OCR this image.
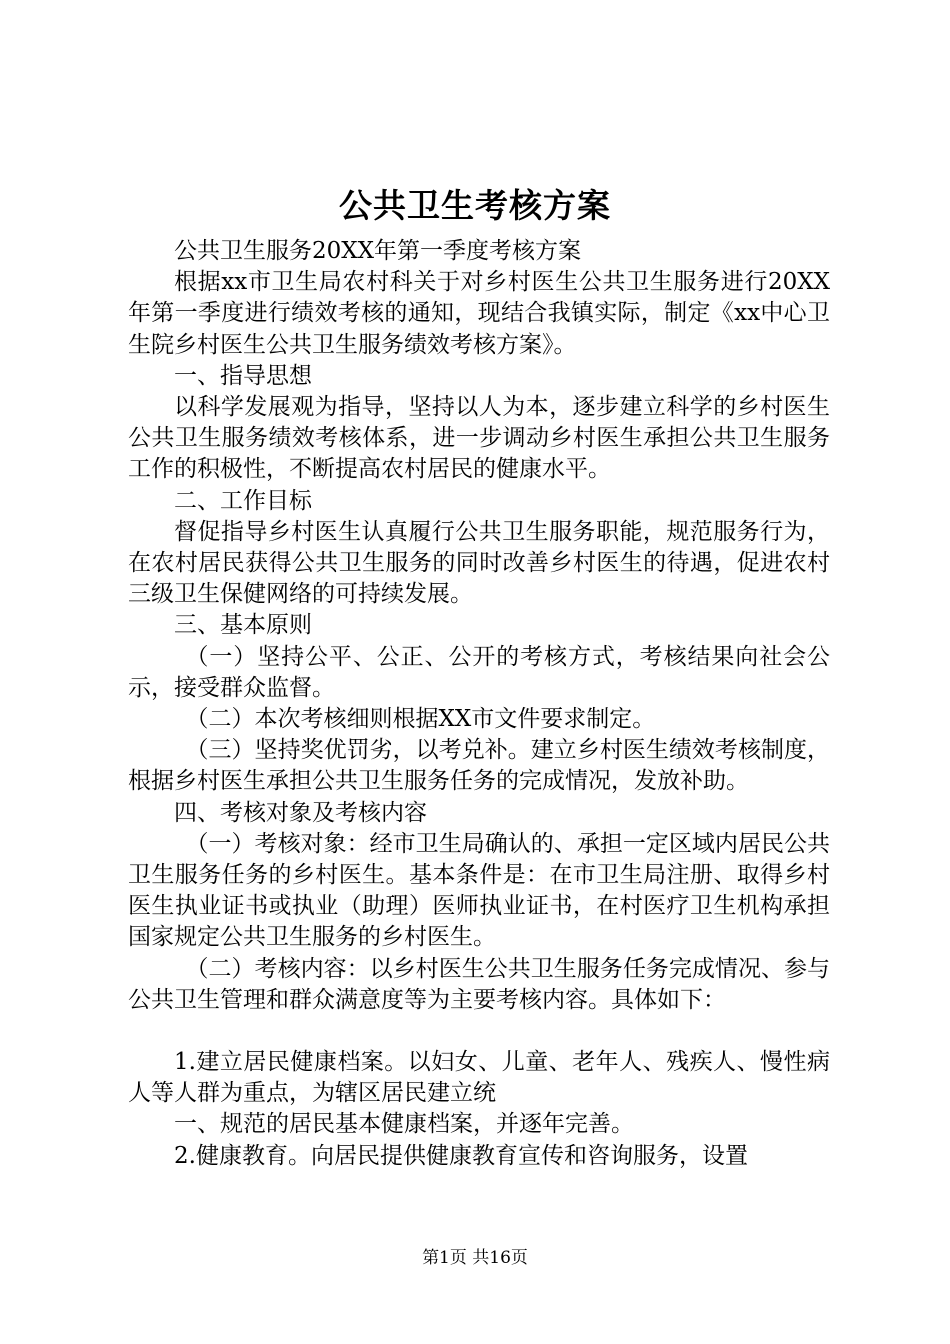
公共卫生考核方案

公共卫生服务20XX年第一季度考核方案

根据xx市卫生局农村科关于对乡村医生公共卫生服务进行20XX年第一季度进行绩效考核的通知，现结合我镇实际，制定《xx中心卫生院乡村医生公共卫生服务绩效考核方案》。

一、指导思想

以科学发展观为指导，坚持以人为本，逐步建立科学的乡村医生公共卫生服务绩效考核体系，进一步调动乡村医生承担公共卫生服务工作的积极性，不断提高农村居民的健康水平。

二、工作目标

督促指导乡村医生认真履行公共卫生服务职能，规范服务行为，在农村居民获得公共卫生服务的同时改善乡村医生的待遇，促进农村三级卫生保健网络的可持续发展。

三、基本原则

（一）坚持公平、公正、公开的考核方式，考核结果向社会公示，接受群众监督。

（二）本次考核细则根据XX市文件要求制定。

（三）坚持奖优罚劣，以考兑补。建立乡村医生绩效考核制度，根据乡村医生承担公共卫生服务任务的完成情况，发放补助。

四、考核对象及考核内容

（一）考核对象：经市卫生局确认的、承担一定区域内居民公共卫生服务任务的乡村医生。基本条件是：在市卫生局注册、取得乡村医生执业证书或执业（助理）医师执业证书，在村医疗卫生机构承担国家规定公共卫生服务的乡村医生。

（二）考核内容：以乡村医生公共卫生服务任务完成情况、参与公共卫生管理和群众满意度等为主要考核内容。具体如下：

1.建立居民健康档案。以妇女、儿童、老年人、残疾人、慢性病人等人群为重点，为辖区居民建立统

一、规范的居民基本健康档案，并逐年完善。

2.健康教育。向居民提供健康教育宣传和咨询服务，设置

第1页 共16页
